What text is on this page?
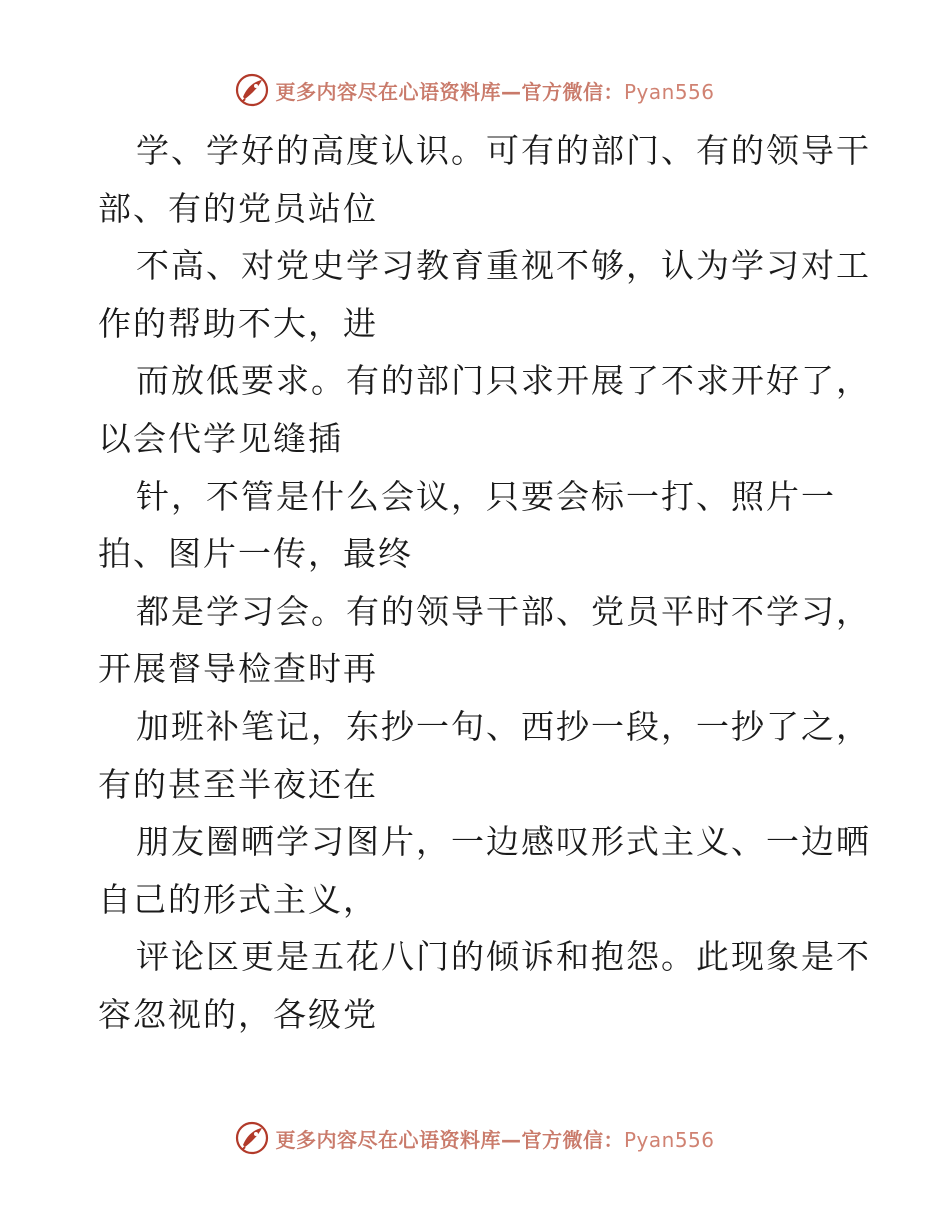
更多内容尽在心语资料库—官方微信：Pyan556
学、学好的高度认识。可有的部门、有的领导干
部、有的党员站位
不高、对党史学习教育重视不够，认为学习对工
作的帮助不大，进
而放低要求。有的部门只求开展了不求开好了，
以会代学见缝插
针，不管是什么会议，只要会标一打、照片一
拍、图片一传，最终
都是学习会。有的领导干部、党员平时不学习，
开展督导检查时再
加班补笔记，东抄一句、西抄一段，一抄了之，
有的甚至半夜还在
朋友圈晒学习图片，一边感叹形式主义、一边晒
自己的形式主义，
评论区更是五花八门的倾诉和抱怨。此现象是不
容忽视的，各级党
更多内容尽在心语资料库—官方微信：Pyan556
